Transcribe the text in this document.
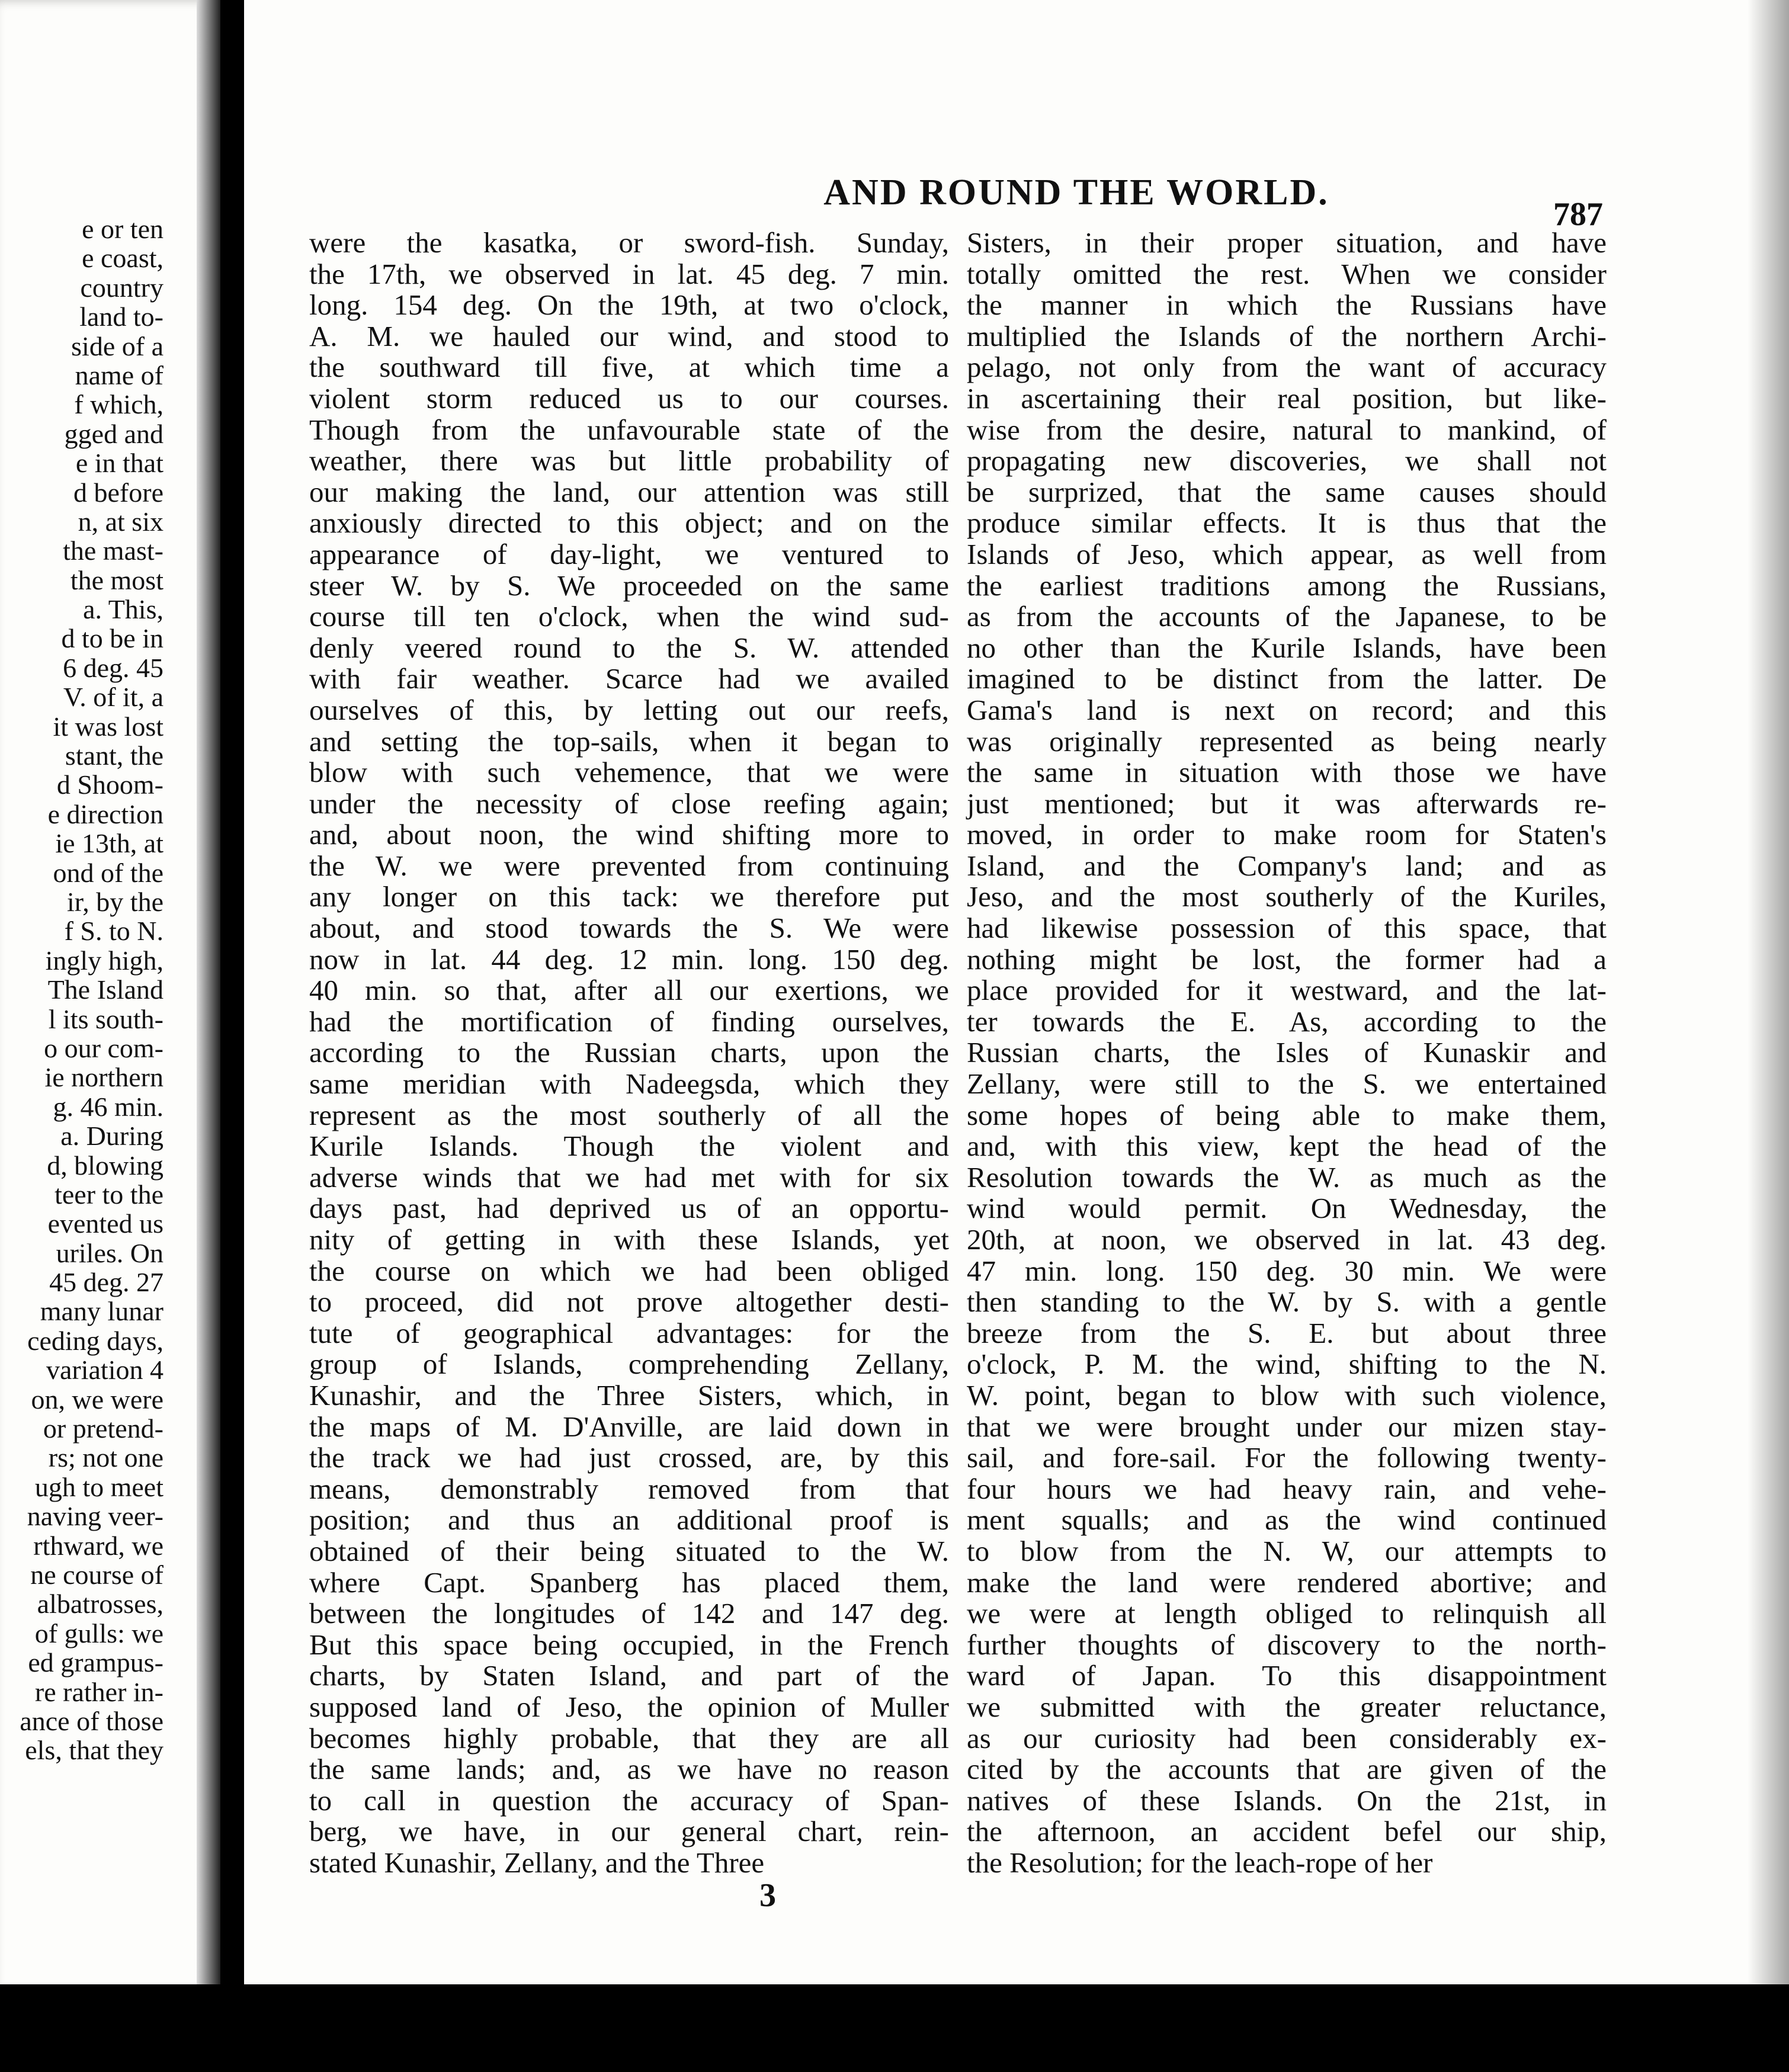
e or ten
e coast,
country
land to-
side of a
name of
f which,
gged and
e in that
d before
n, at six
the mast-
the most
a. This,
d to be in
6 deg. 45
V. of it, a
it was lost
stant, the
d Shoom-
e direction
ie 13th, at
ond of the
ir, by the
f S. to N.
ingly high,
The Island
l its south-
o our com-
ie northern
g. 46 min.
a. During
d, blowing
teer to the
evented us
uriles. On
45 deg. 27
many lunar
ceding days,
variation 4
on, we were
or pretend-
rs; not one
ugh to meet
naving veer-
rthward, we
ne course of
albatrosses,
of gulls: we
ed grampus-
re rather in-
ance of those
els, that they
AND ROUND THE WORLD.
787
were the kasatka, or sword-fish. Sunday,
the 17th, we observed in lat. 45 deg. 7 min.
long. 154 deg. On the 19th, at two o'clock,
A. M. we hauled our wind, and stood to
the southward till five, at which time a
violent storm reduced us to our courses.
Though from the unfavourable state of the
weather, there was but little probability of
our making the land, our attention was still
anxiously directed to this object; and on the
appearance of day-light, we ventured to
steer W. by S. We proceeded on the same
course till ten o'clock, when the wind sud-
denly veered round to the S. W. attended
with fair weather. Scarce had we availed
ourselves of this, by letting out our reefs,
and setting the top-sails, when it began to
blow with such vehemence, that we were
under the necessity of close reefing again;
and, about noon, the wind shifting more to
the W. we were prevented from continuing
any longer on this tack: we therefore put
about, and stood towards the S. We were
now in lat. 44 deg. 12 min. long. 150 deg.
40 min. so that, after all our exertions, we
had the mortification of finding ourselves,
according to the Russian charts, upon the
same meridian with Nadeegsda, which they
represent as the most southerly of all the
Kurile Islands. Though the violent and
adverse winds that we had met with for six
days past, had deprived us of an opportu-
nity of getting in with these Islands, yet
the course on which we had been obliged
to proceed, did not prove altogether desti-
tute of geographical advantages: for the
group of Islands, comprehending Zellany,
Kunashir, and the Three Sisters, which, in
the maps of M. D'Anville, are laid down in
the track we had just crossed, are, by this
means, demonstrably removed from that
position; and thus an additional proof is
obtained of their being situated to the W.
where Capt. Spanberg has placed them,
between the longitudes of 142 and 147 deg.
But this space being occupied, in the French
charts, by Staten Island, and part of the
supposed land of Jeso, the opinion of Muller
becomes highly probable, that they are all
the same lands; and, as we have no reason
to call in question the accuracy of Span-
berg, we have, in our general chart, rein-
stated Kunashir, Zellany, and the Three
Sisters, in their proper situation, and have
totally omitted the rest. When we consider
the manner in which the Russians have
multiplied the Islands of the northern Archi-
pelago, not only from the want of accuracy
in ascertaining their real position, but like-
wise from the desire, natural to mankind, of
propagating new discoveries, we shall not
be surprized, that the same causes should
produce similar effects. It is thus that the
Islands of Jeso, which appear, as well from
the earliest traditions among the Russians,
as from the accounts of the Japanese, to be
no other than the Kurile Islands, have been
imagined to be distinct from the latter. De
Gama's land is next on record; and this
was originally represented as being nearly
the same in situation with those we have
just mentioned; but it was afterwards re-
moved, in order to make room for Staten's
Island, and the Company's land; and as
Jeso, and the most southerly of the Kuriles,
had likewise possession of this space, that
nothing might be lost, the former had a
place provided for it westward, and the lat-
ter towards the E. As, according to the
Russian charts, the Isles of Kunaskir and
Zellany, were still to the S. we entertained
some hopes of being able to make them,
and, with this view, kept the head of the
Resolution towards the W. as much as the
wind would permit. On Wednesday, the
20th, at noon, we observed in lat. 43 deg.
47 min. long. 150 deg. 30 min. We were
then standing to the W. by S. with a gentle
breeze from the S. E. but about three
o'clock, P. M. the wind, shifting to the N.
W. point, began to blow with such violence,
that we were brought under our mizen stay-
sail, and fore-sail. For the following twenty-
four hours we had heavy rain, and vehe-
ment squalls; and as the wind continued
to blow from the N. W, our attempts to
make the land were rendered abortive; and
we were at length obliged to relinquish all
further thoughts of discovery to the north-
ward of Japan. To this disappointment
we submitted with the greater reluctance,
as our curiosity had been considerably ex-
cited by the accounts that are given of the
natives of these Islands. On the 21st, in
the afternoon, an accident befel our ship,
the Resolution; for the leach-rope of her
3
